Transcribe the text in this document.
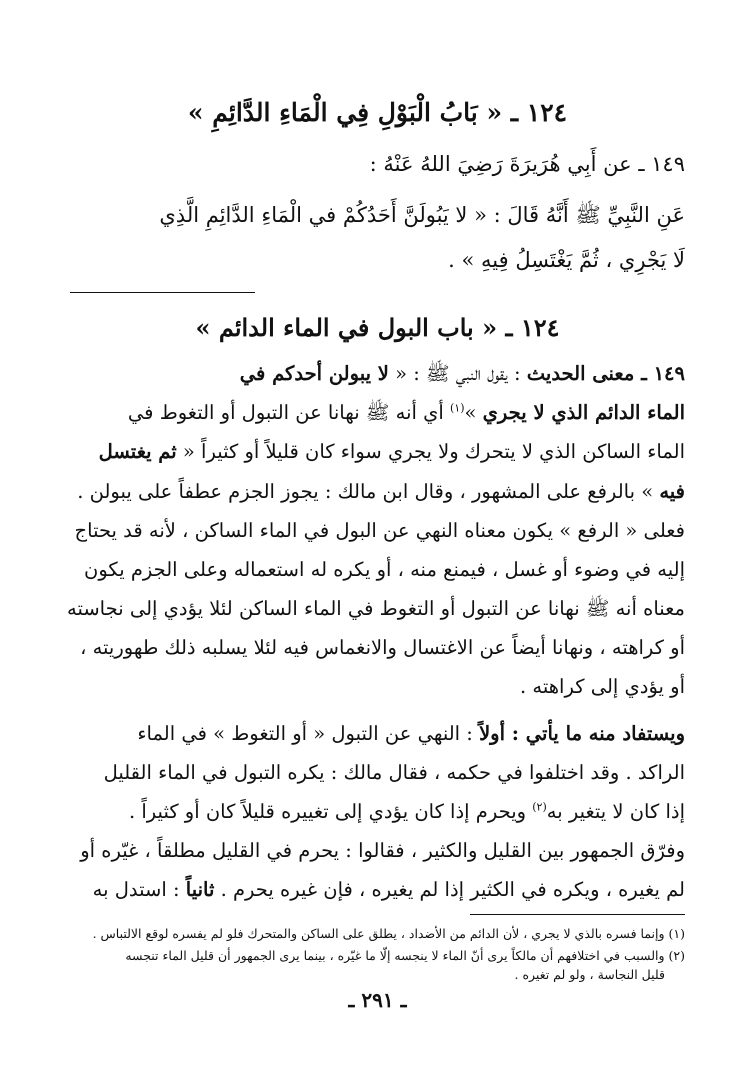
١٢٤ ـ « بَابُ الْبَوْلِ فِي الْمَاءِ الدَّائِمِ »
١٤٩ ـ عن أَبِي هُرَيرَةَ رَضِيَ اللهُ عَنْهُ :
عَنِ النَّبِيِّ ﷺ أَنَّهُ قَالَ : « لا يَبُولَنَّ أَحَدُكُمْ في الْمَاءِ الدَّائِمِ الَّذِي
لَا يَجْرِي ، ثُمَّ يَغْتَسِلُ فِيهِ » .
١٢٤ ـ « باب البول في الماء الدائم »
١٤٩ ـ معنى الحديث : يقول النبي ﷺ : « لا يبولن أحدكم في
الماء الدائم الذي لا يجري »$^{(١)}$ أي أنه ﷺ نهانا عن التبول أو التغوط في
الماء الساكن الذي لا يتحرك ولا يجري سواء كان قليلاً أو كثيراً « ثم يغتسل
فيه » بالرفع على المشهور ، وقال ابن مالك : يجوز الجزم عطفاً على يبولن .
فعلى « الرفع » يكون معناه النهي عن البول في الماء الساكن ، لأنه قد يحتاج
إليه في وضوء أو غسل ، فيمنع منه ، أو يكره له استعماله وعلى الجزم يكون
معناه أنه ﷺ نهانا عن التبول أو التغوط في الماء الساكن لئلا يؤدي إلى نجاسته
أو كراهته ، ونهانا أيضاً عن الاغتسال والانغماس فيه لئلا يسلبه ذلك طهوريته ،
أو يؤدي إلى كراهته .
ويستفاد منه ما يأتي : أولاً : النهي عن التبول « أو التغوط » في الماء
الراكد . وقد اختلفوا في حكمه ، فقال مالك : يكره التبول في الماء القليل
إذا كان لا يتغير به$^{(٢)}$ ويحرم إذا كان يؤدي إلى تغييره قليلاً كان أو كثيراً .
وفرّق الجمهور بين القليل والكثير ، فقالوا : يحرم في القليل مطلقاً ، غيّره أو
لم يغيره ، ويكره في الكثير إذا لم يغيره ، فإن غيره يحرم . ثانياً : استدل به
(١) وإنما فسره بالذي لا يجري ، لأن الدائم من الأضداد ، يطلق على الساكن والمتحرك فلو لم يفسره لوقع الالتباس .
(٢) والسبب في اختلافهم أن مالكاً يرى أنّ الماء لا ينجسه إلّا ما غيّره ، بينما يرى الجمهور أن قليل الماء تنجسه
قليل النجاسة ، ولو لم تغيره .
ـ ٢٩١ ـ
